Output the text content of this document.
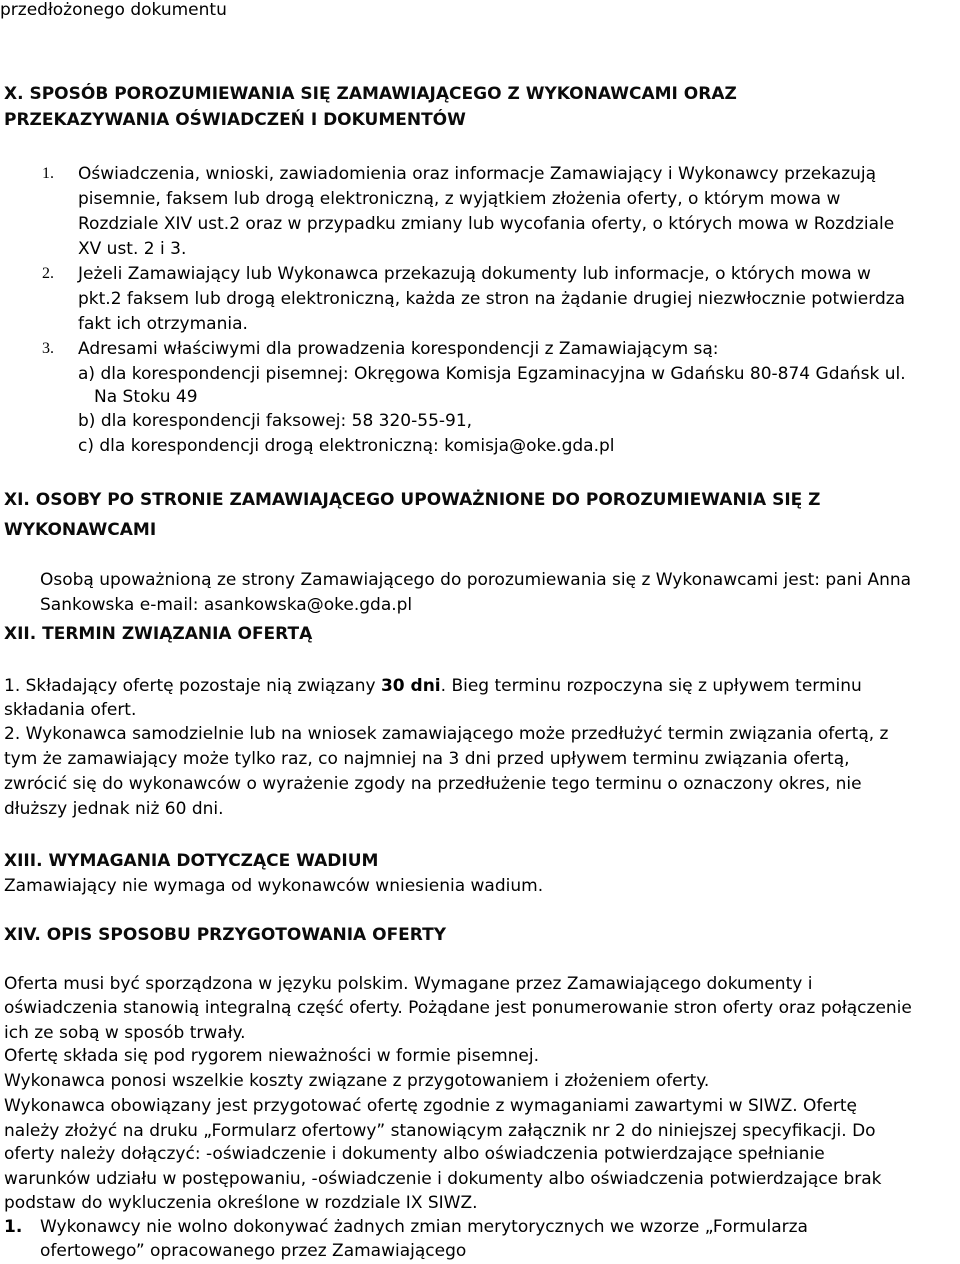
przedłożonego dokumentu
X. SPOSÓB POROZUMIEWANIA SIĘ ZAMAWIAJĄCEGO Z WYKONAWCAMI ORAZ
PRZEKAZYWANIA OŚWIADCZEŃ I DOKUMENTÓW
1. Oświadczenia, wnioski, zawiadomienia oraz informacje Zamawiający i Wykonawcy przekazują
pisemnie, faksem lub drogą elektroniczną, z wyjątkiem złożenia oferty, o którym mowa w
Rozdziale XIV ust.2 oraz w przypadku zmiany lub wycofania oferty, o których mowa w Rozdziale
XV ust. 2 i 3.
2. Jeżeli Zamawiający lub Wykonawca przekazują dokumenty lub informacje, o których mowa w
pkt.2 faksem lub drogą elektroniczną, każda ze stron na żądanie drugiej niezwłocznie potwierdza
fakt ich otrzymania.
3. Adresami właściwymi dla prowadzenia korespondencji z Zamawiającym są:
a) dla korespondencji pisemnej: Okręgowa Komisja Egzaminacyjna w Gdańsku 80-874 Gdańsk ul.
Na Stoku 49
b) dla korespondencji faksowej: 58 320-55-91,
c) dla korespondencji drogą elektroniczną: komisja@oke.gda.pl
XI. OSOBY PO STRONIE ZAMAWIAJĄCEGO UPOWAŻNIONE DO POROZUMIEWANIA SIĘ Z
WYKONAWCAMI
Osobą upoważnioną ze strony Zamawiającego do porozumiewania się z Wykonawcami jest: pani Anna
Sankowska e-mail: asankowska@oke.gda.pl
XII. TERMIN ZWIĄZANIA OFERTĄ
1. Składający ofertę pozostaje nią związany 30 dni. Bieg terminu rozpoczyna się z upływem terminu
składania ofert.
2. Wykonawca samodzielnie lub na wniosek zamawiającego może przedłużyć termin związania ofertą, z
tym że zamawiający może tylko raz, co najmniej na 3 dni przed upływem terminu związania ofertą,
zwrócić się do wykonawców o wyrażenie zgody na przedłużenie tego terminu o oznaczony okres, nie
dłuższy jednak niż 60 dni.
XIII. WYMAGANIA DOTYCZĄCE WADIUM
Zamawiający nie wymaga od wykonawców wniesienia wadium.
XIV. OPIS SPOSOBU PRZYGOTOWANIA OFERTY
Oferta musi być sporządzona w języku polskim. Wymagane przez Zamawiającego dokumenty i
oświadczenia stanowią integralną część oferty. Pożądane jest ponumerowanie stron oferty oraz połączenie
ich ze sobą w sposób trwały.
Ofertę składa się pod rygorem nieważności w formie pisemnej.
Wykonawca ponosi wszelkie koszty związane z przygotowaniem i złożeniem oferty.
Wykonawca obowiązany jest przygotować ofertę zgodnie z wymaganiami zawartymi w SIWZ. Ofertę
należy złożyć na druku „Formularz ofertowy” stanowiącym załącznik nr 2 do niniejszej specyfikacji. Do
oferty należy dołączyć: -oświadczenie i dokumenty albo oświadczenia potwierdzające spełnianie
warunków udziału w postępowaniu, -oświadczenie i dokumenty albo oświadczenia potwierdzające brak
podstaw do wykluczenia określone w rozdziale IX SIWZ.
1. Wykonawcy nie wolno dokonywać żadnych zmian merytorycznych we wzorze „Formularza
ofertowego” opracowanego przez Zamawiającego
